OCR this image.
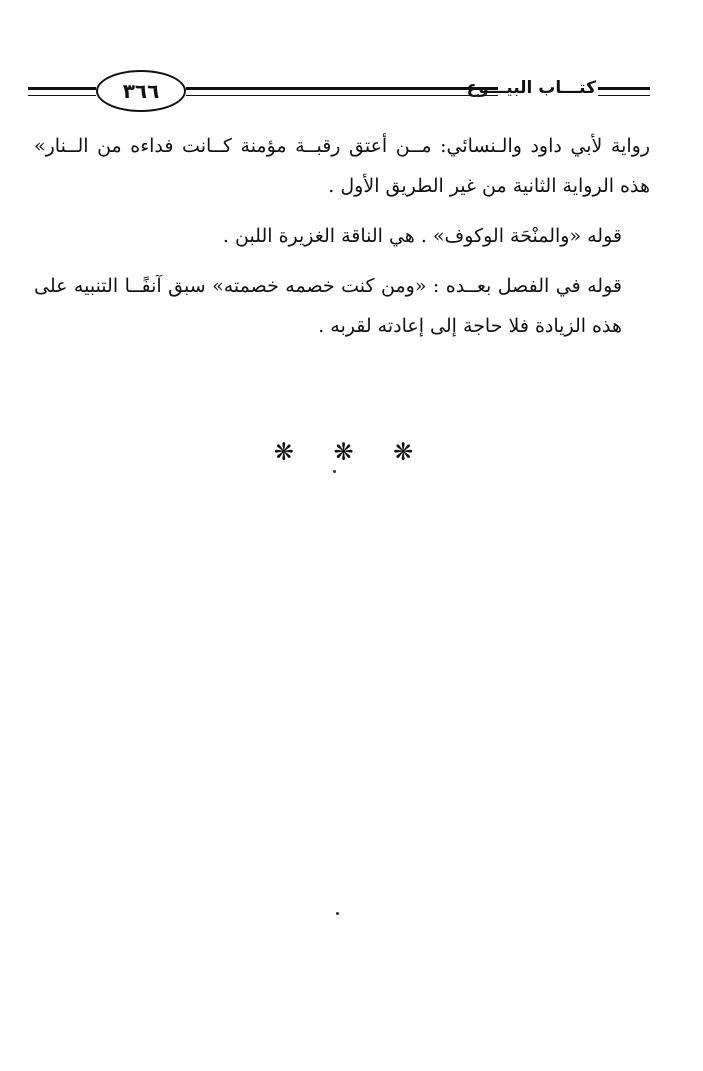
٣٦٦	كتـــاب البيـــوع

رواية لأبي داود والـنسائي: مــن أعتق رقبــة مؤمنة كــانت فداءه من الــنار» هذه الرواية الثانية من غير الطريق الأول .

قوله «والمنْحَة الوكوف» . هي الناقة الغزيرة اللبن .

قوله في الفصل بعــده : «ومن كنت خصمه خصمته» سبق آنفًــا التنبيه على هذه الزيادة فلا حاجة إلى إعادته لقربه .

❋ ❋ ❋
